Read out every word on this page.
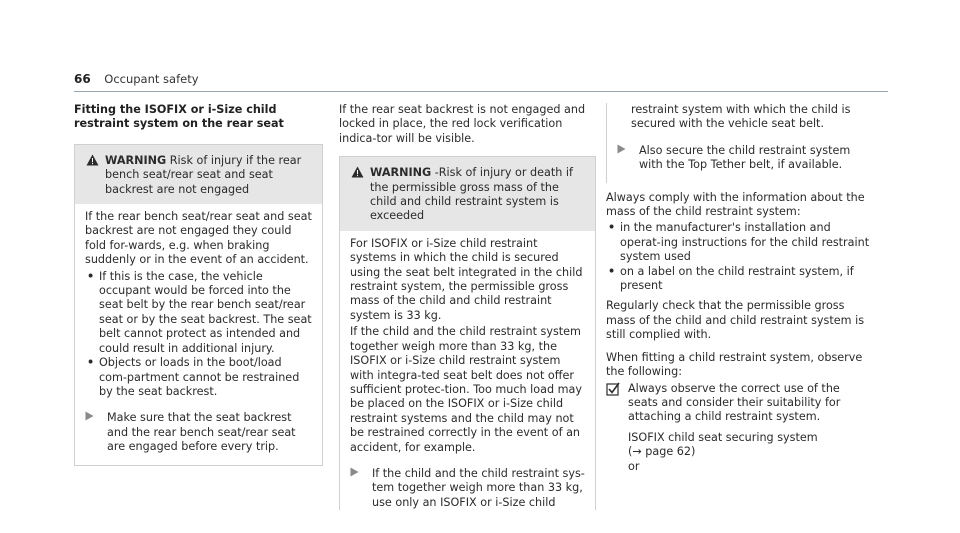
66 Occupant safety
Fitting the ISOFIX or i-Size child restraint system on the rear seat
WARNING Risk of injury if the rear bench seat/rear seat and seat backrest are not engaged

If the rear bench seat/rear seat and seat backrest are not engaged they could fold for-wards, e.g. when braking suddenly or in the event of an accident.

• If this is the case, the vehicle occupant would be forced into the seat belt by the rear bench seat/rear seat or by the seat backrest. The seat belt cannot protect as intended and could result in additional injury.
• Objects or loads in the boot/load com-partment cannot be restrained by the seat backrest.
Make sure that the seat backrest and the rear bench seat/rear seat are engaged before every trip.

If the rear seat backrest is not engaged and locked in place, the red lock verification indica-tor will be visible.

WARNING -Risk of injury or death if the permissible gross mass of the child and child restraint system is exceeded

For ISOFIX or i-Size child restraint systems in which the child is secured using the seat belt integrated in the child restraint system, the permissible gross mass of the child and child restraint system is 33 kg.

If the child and the child restraint system together weigh more than 33 kg, the ISOFIX or i-Size child restraint system with integra-ted seat belt does not offer sufficient protec-tion. Too much load may be placed on the ISOFIX or i-Size child restraint systems and the child may not be restrained correctly in the event of an accident, for example.

If the child and the child restraint sys-tem together weigh more than 33 kg, use only an ISOFIX or i-Size child
restraint system with which the child is secured with the vehicle seat belt.
Also secure the child restraint system with the Top Tether belt, if available.

Always comply with the information about the mass of the child restraint system:

• in the manufacturer's installation and operat-ing instructions for the child restraint system used
• on a label on the child restraint system, if present

Regularly check that the permissible gross mass of the child and child restraint system is still complied with.

When fitting a child restraint system, observe the following:

Always observe the correct use of the seats and consider their suitability for attaching a child restraint system.
ISOFIX child seat securing system
(→ page 62)
or
